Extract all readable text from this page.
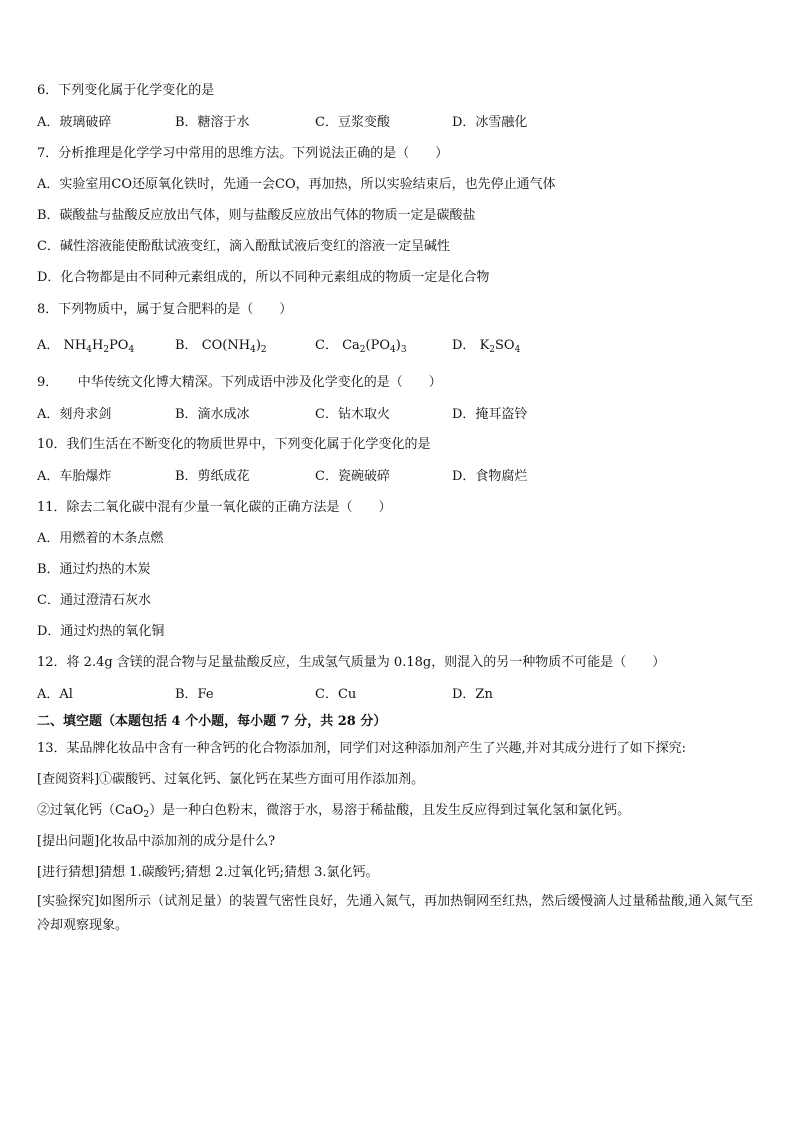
6．下列变化属于化学变化的是
A．玻璃破碎	B．糖溶于水	C．豆浆变酸	D．冰雪融化
7．分析推理是化学学习中常用的思维方法。下列说法正确的是（　　）
A．实验室用CO还原氧化铁时，先通一会CO，再加热，所以实验结束后，也先停止通气体
B．碳酸盐与盐酸反应放出气体，则与盐酸反应放出气体的物质一定是碳酸盐
C．碱性溶液能使酚酞试液变红，滴入酚酞试液后变红的溶液一定呈碱性
D．化合物都是由不同种元素组成的，所以不同种元素组成的物质一定是化合物
8．下列物质中，属于复合肥料的是（　　）
A． $NH_4H_2PO_4$	B． $CO(NH_4)_2$	C． $Ca_2(PO_4)_3$	D． $K_2SO_4$
9．　　中华传统文化博大精深。下列成语中涉及化学变化的是（　　）
A．刻舟求剑	B．滴水成冰	C．钻木取火	D．掩耳盗铃
10．我们生活在不断变化的物质世界中，下列变化属于化学变化的是
A．车胎爆炸	B．剪纸成花	C．瓷碗破碎	D．食物腐烂
11．除去二氧化碳中混有少量一氧化碳的正确方法是（　　）
A．用燃着的木条点燃
B．通过灼热的木炭
C．通过澄清石灰水
D．通过灼热的氧化铜
12．将 2.4g 含镁的混合物与足量盐酸反应，生成氢气质量为 0.18g，则混入的另一种物质不可能是（　　）
A．Al	B．Fe	C．Cu	D．Zn
二、填空题（本题包括 4 个小题，每小题 7 分，共 28 分）
13．某品牌化妆品中含有一种含钙的化合物添加剂，同学们对这种添加剂产生了兴趣,并对其成分进行了如下探究:
[查阅资料]①碳酸钙、过氧化钙、氯化钙在某些方面可用作添加剂。
②过氧化钙（CaO$_2$）是一种白色粉末，微溶于水，易溶于稀盐酸，且发生反应得到过氧化氢和氯化钙。
[提出问题]化妆品中添加剂的成分是什么?
[进行猜想]猜想 1.碳酸钙;猜想 2.过氧化钙;猜想 3.氯化钙。
[实验探究]如图所示（试剂足量）的装置气密性良好，先通入氮气，再加热铜网至红热，然后缓慢滴人过量稀盐酸,通入氮气至冷却观察现象。
